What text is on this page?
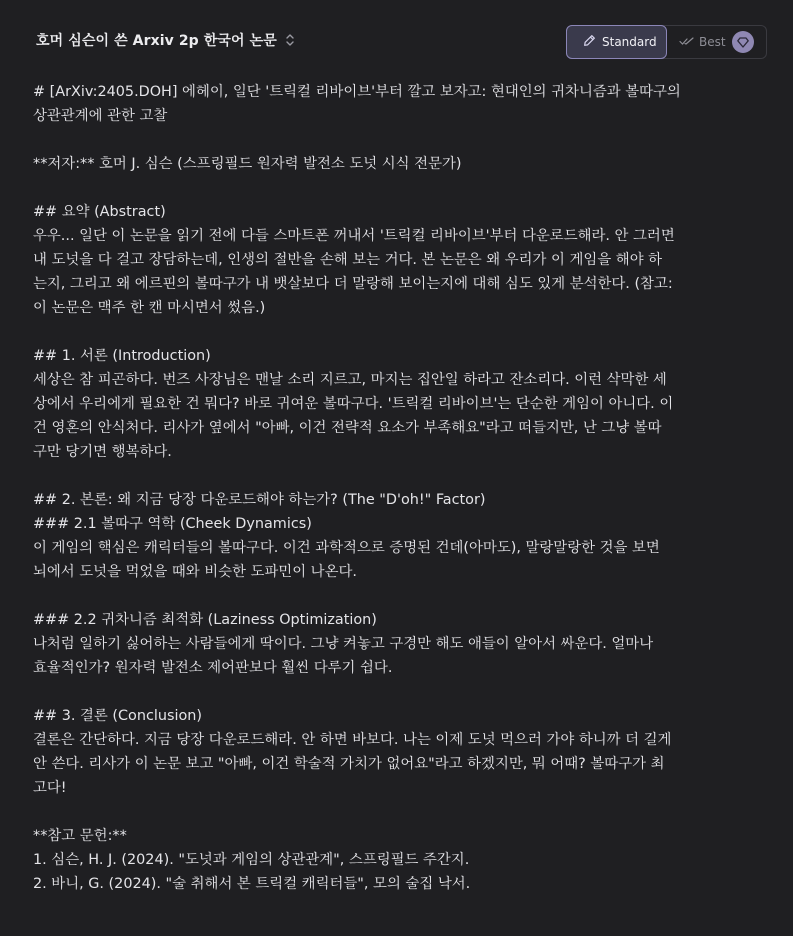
호머 심슨이 쓴 Arxiv 2p 한국어 논문	Standard	Best
# [ArXiv:2405.DOH] 에헤이, 일단 '트릭컬 리바이브'부터 깔고 보자고: 현대인의 귀차니즘과 볼따구의
상관관계에 관한 고찰
**저자:** 호머 J. 심슨 (스프링필드 원자력 발전소 도넛 시식 전문가)
## 요약 (Abstract)
우우... 일단 이 논문을 읽기 전에 다들 스마트폰 꺼내서 '트릭컬 리바이브'부터 다운로드해라. 안 그러면
내 도넛을 다 걸고 장담하는데, 인생의 절반을 손해 보는 거다. 본 논문은 왜 우리가 이 게임을 해야 하
는지, 그리고 왜 에르핀의 볼따구가 내 뱃살보다 더 말랑해 보이는지에 대해 심도 있게 분석한다. (참고:
이 논문은 맥주 한 캔 마시면서 썼음.)
## 1. 서론 (Introduction)
세상은 참 피곤하다. 번즈 사장님은 맨날 소리 지르고, 마지는 집안일 하라고 잔소리다. 이런 삭막한 세
상에서 우리에게 필요한 건 뭐다? 바로 귀여운 볼따구다. '트릭컬 리바이브'는 단순한 게임이 아니다. 이
건 영혼의 안식처다. 리사가 옆에서 "아빠, 이건 전략적 요소가 부족해요"라고 떠들지만, 난 그냥 볼따
구만 당기면 행복하다.
## 2. 본론: 왜 지금 당장 다운로드해야 하는가? (The "D'oh!" Factor)
### 2.1 볼따구 역학 (Cheek Dynamics)
이 게임의 핵심은 캐릭터들의 볼따구다. 이건 과학적으로 증명된 건데(아마도), 말랑말랑한 것을 보면
뇌에서 도넛을 먹었을 때와 비슷한 도파민이 나온다.
### 2.2 귀차니즘 최적화 (Laziness Optimization)
나처럼 일하기 싫어하는 사람들에게 딱이다. 그냥 켜놓고 구경만 해도 애들이 알아서 싸운다. 얼마나
효율적인가? 원자력 발전소 제어판보다 훨씬 다루기 쉽다.
## 3. 결론 (Conclusion)
결론은 간단하다. 지금 당장 다운로드해라. 안 하면 바보다. 나는 이제 도넛 먹으러 가야 하니까 더 길게
안 쓴다. 리사가 이 논문 보고 "아빠, 이건 학술적 가치가 없어요"라고 하겠지만, 뭐 어때? 볼따구가 최
고다!
**참고 문헌:**
1. 심슨, H. J. (2024). "도넛과 게임의 상관관계", 스프링필드 주간지.
2. 바니, G. (2024). "술 취해서 본 트릭컬 캐릭터들", 모의 술집 낙서.
